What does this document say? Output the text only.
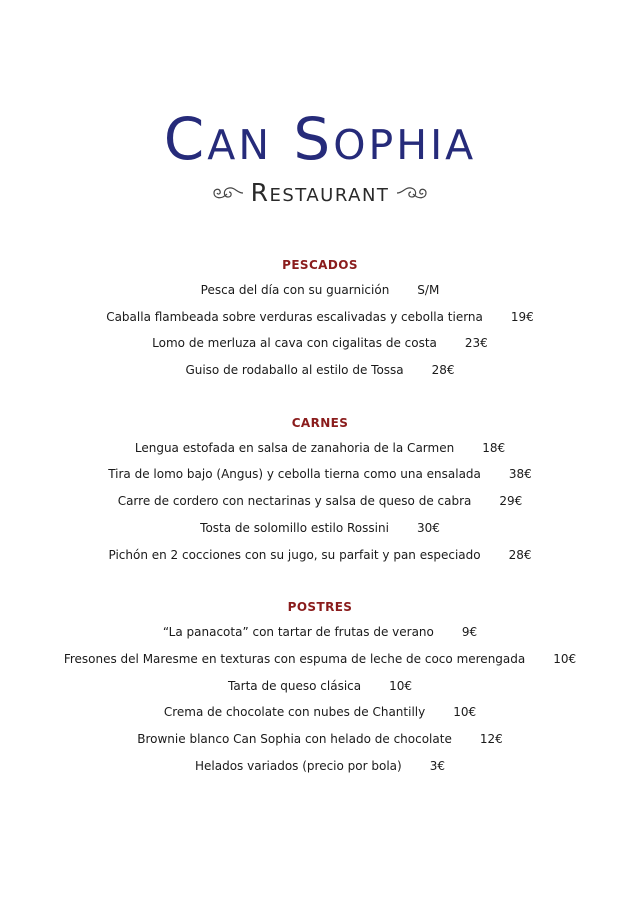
Can Sophia
Restaurant
PESCADOS
Pesca del día con su guarnición S/M
Caballa flambeada sobre verduras escalivadas y cebolla tierna 19€
Lomo de merluza al cava con cigalitas de costa 23€
Guiso de rodaballo al estilo de Tossa 28€
CARNES
Lengua estofada en salsa de zanahoria de la Carmen 18€
Tira de lomo bajo (Angus) y cebolla tierna como una ensalada 38€
Carre de cordero con nectarinas y salsa de queso de cabra 29€
Tosta de solomillo estilo Rossini 30€
Pichón en 2 cocciones con su jugo, su parfait y pan especiado 28€
POSTRES
“La panacota” con tartar de frutas de verano 9€
Fresones del Maresme en texturas con espuma de leche de coco merengada 10€
Tarta de queso clásica 10€
Crema de chocolate con nubes de Chantilly 10€
Brownie blanco Can Sophia con helado de chocolate 12€
Helados variados (precio por bola) 3€
